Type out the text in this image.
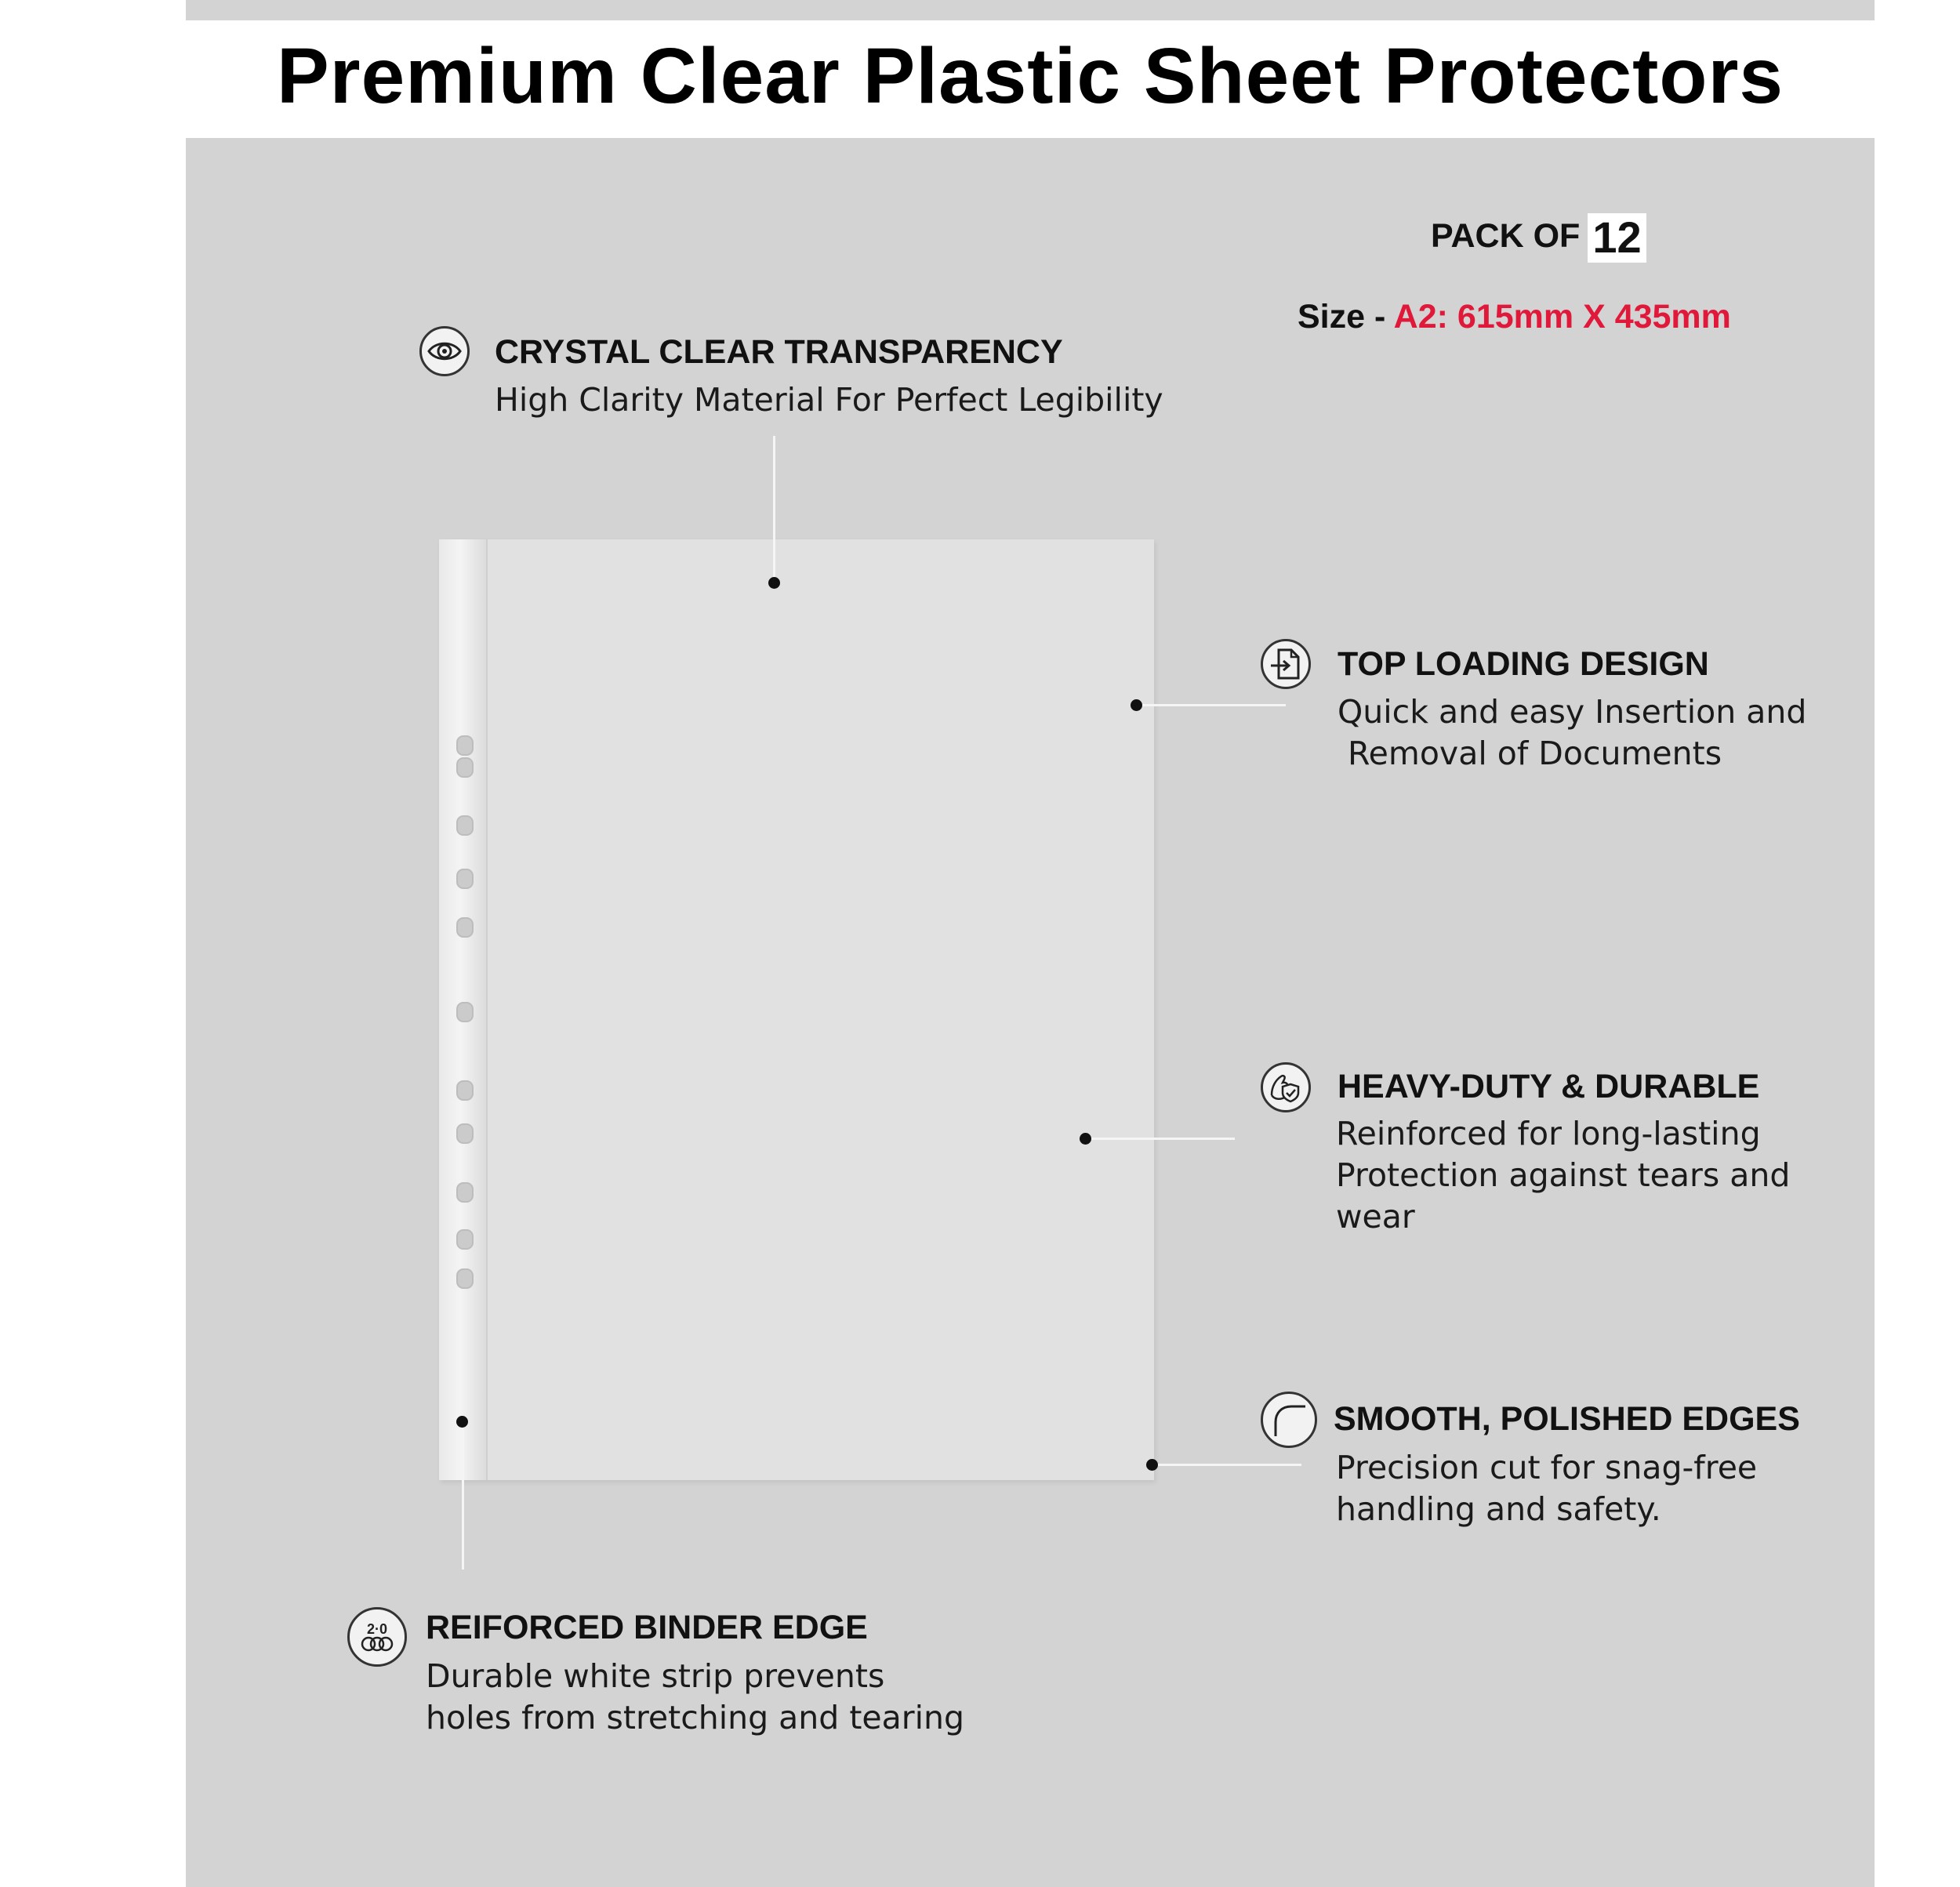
Premium Clear Plastic Sheet Protectors
PACK OF 12
Size - A2: 615mm X 435mm
CRYSTAL CLEAR TRANSPARENCY
High Clarity Material For Perfect Legibility
TOP LOADING DESIGN
Quick and easy Insertion and
Removal of Documents
HEAVY-DUTY & DURABLE
Reinforced for long-lasting
Protection against tears and
wear
SMOOTH, POLISHED EDGES
Precision cut for snag-free
handling and safety.
2·0 REIFORCED BINDER EDGE
Durable white strip prevents
holes from stretching and tearing
